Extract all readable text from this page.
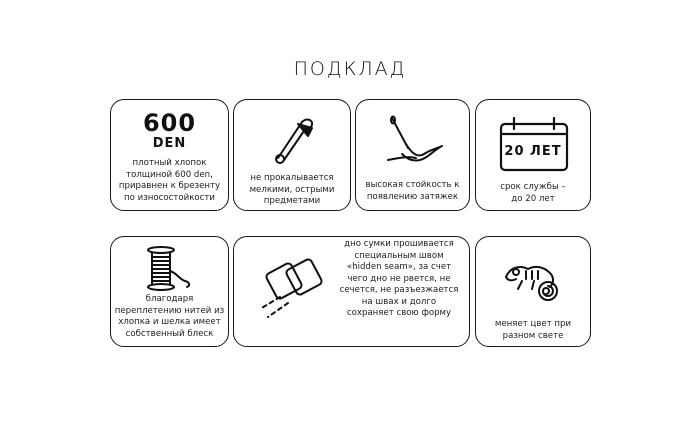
ПОДКЛАД
600
DEN
плотный хлопок
толщиной 600 den,
приравнен к брезенту
по износостойкости
не прокалывается
мелкими, острыми
предметами
высокая стойкость к
появлению затяжек
20 ЛЕТ
срок службы –
до 20 лет
благодаря
переплетению нитей из
хлопка и шелка имеет
собственный блеск
дно сумки прошивается
специальным швом
«hidden seam», за счет
чего дно не рвется, не
сечется, не разъезжается
на швах и долго
сохраняет свою форму
меняет цвет при
разном свете
